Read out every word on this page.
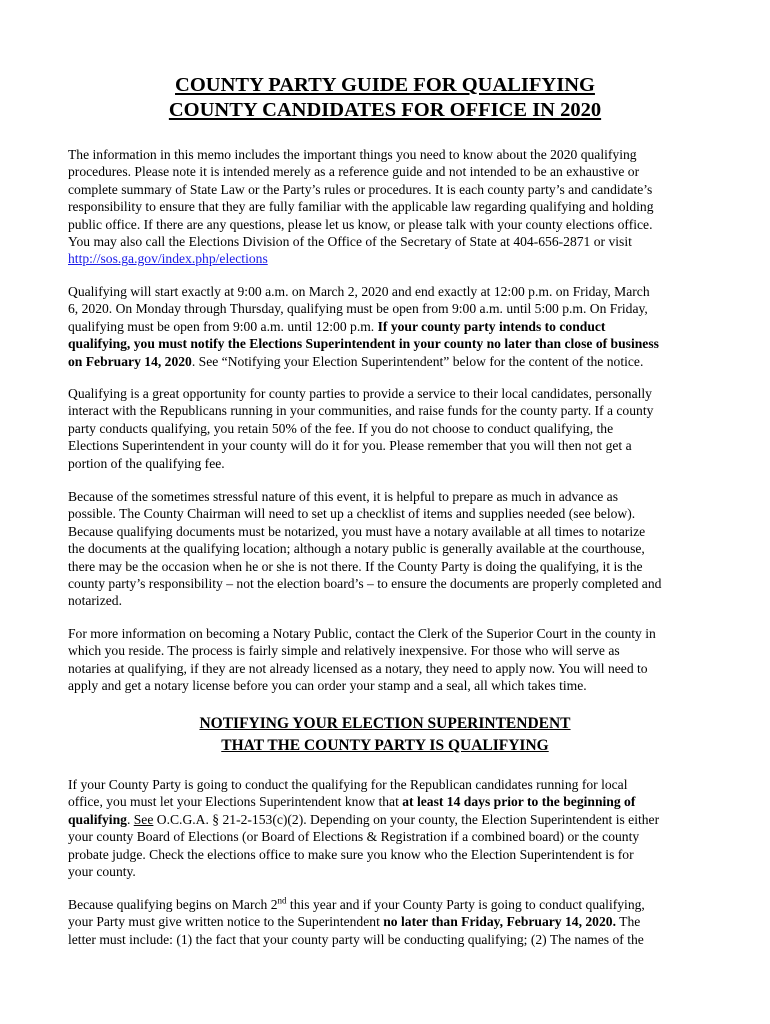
COUNTY PARTY GUIDE FOR QUALIFYING
COUNTY CANDIDATES FOR OFFICE IN 2020

The information in this memo includes the important things you need to know about the 2020 qualifying

procedures. Please note it is intended merely as a reference guide and not intended to be an exhaustive or

complete summary of State Law or the Party’s rules or procedures. It is each county party’s and candidate’s

responsibility to ensure that they are fully familiar with the applicable law regarding qualifying and holding

public office. If there are any questions, please let us know, or please talk with your county elections office.

You may also call the Elections Division of the Office of the Secretary of State at 404-656-2871 or visit

http://sos.ga.gov/index.php/elections

Qualifying will start exactly at 9:00 a.m. on March 2, 2020 and end exactly at 12:00 p.m. on Friday, March

6, 2020. On Monday through Thursday, qualifying must be open from 9:00 a.m. until 5:00 p.m. On Friday,

qualifying must be open from 9:00 a.m. until 12:00 p.m. If your county party intends to conduct

qualifying, you must notify the Elections Superintendent in your county no later than close of business

on February 14, 2020. See “Notifying your Election Superintendent” below for the content of the notice.

Qualifying is a great opportunity for county parties to provide a service to their local candidates, personally

interact with the Republicans running in your communities, and raise funds for the county party. If a county

party conducts qualifying, you retain 50% of the fee. If you do not choose to conduct qualifying, the

Elections Superintendent in your county will do it for you. Please remember that you will then not get a

portion of the qualifying fee.

Because of the sometimes stressful nature of this event, it is helpful to prepare as much in advance as

possible. The County Chairman will need to set up a checklist of items and supplies needed (see below).

Because qualifying documents must be notarized, you must have a notary available at all times to notarize

the documents at the qualifying location; although a notary public is generally available at the courthouse,

there may be the occasion when he or she is not there. If the County Party is doing the qualifying, it is the

county party’s responsibility – not the election board’s – to ensure the documents are properly completed and

notarized.

For more information on becoming a Notary Public, contact the Clerk of the Superior Court in the county in

which you reside. The process is fairly simple and relatively inexpensive. For those who will serve as

notaries at qualifying, if they are not already licensed as a notary, they need to apply now. You will need to

apply and get a notary license before you can order your stamp and a seal, all which takes time.

NOTIFYING YOUR ELECTION SUPERINTENDENT
THAT THE COUNTY PARTY IS QUALIFYING

If your County Party is going to conduct the qualifying for the Republican candidates running for local

office, you must let your Elections Superintendent know that at least 14 days prior to the beginning of

qualifying. See O.C.G.A. § 21-2-153(c)(2). Depending on your county, the Election Superintendent is either

your county Board of Elections (or Board of Elections & Registration if a combined board) or the county

probate judge. Check the elections office to make sure you know who the Election Superintendent is for

your county.

Because qualifying begins on March 2nd this year and if your County Party is going to conduct qualifying,

your Party must give written notice to the Superintendent no later than Friday, February 14, 2020. The

letter must include: (1) the fact that your county party will be conducting qualifying; (2) The names of the
